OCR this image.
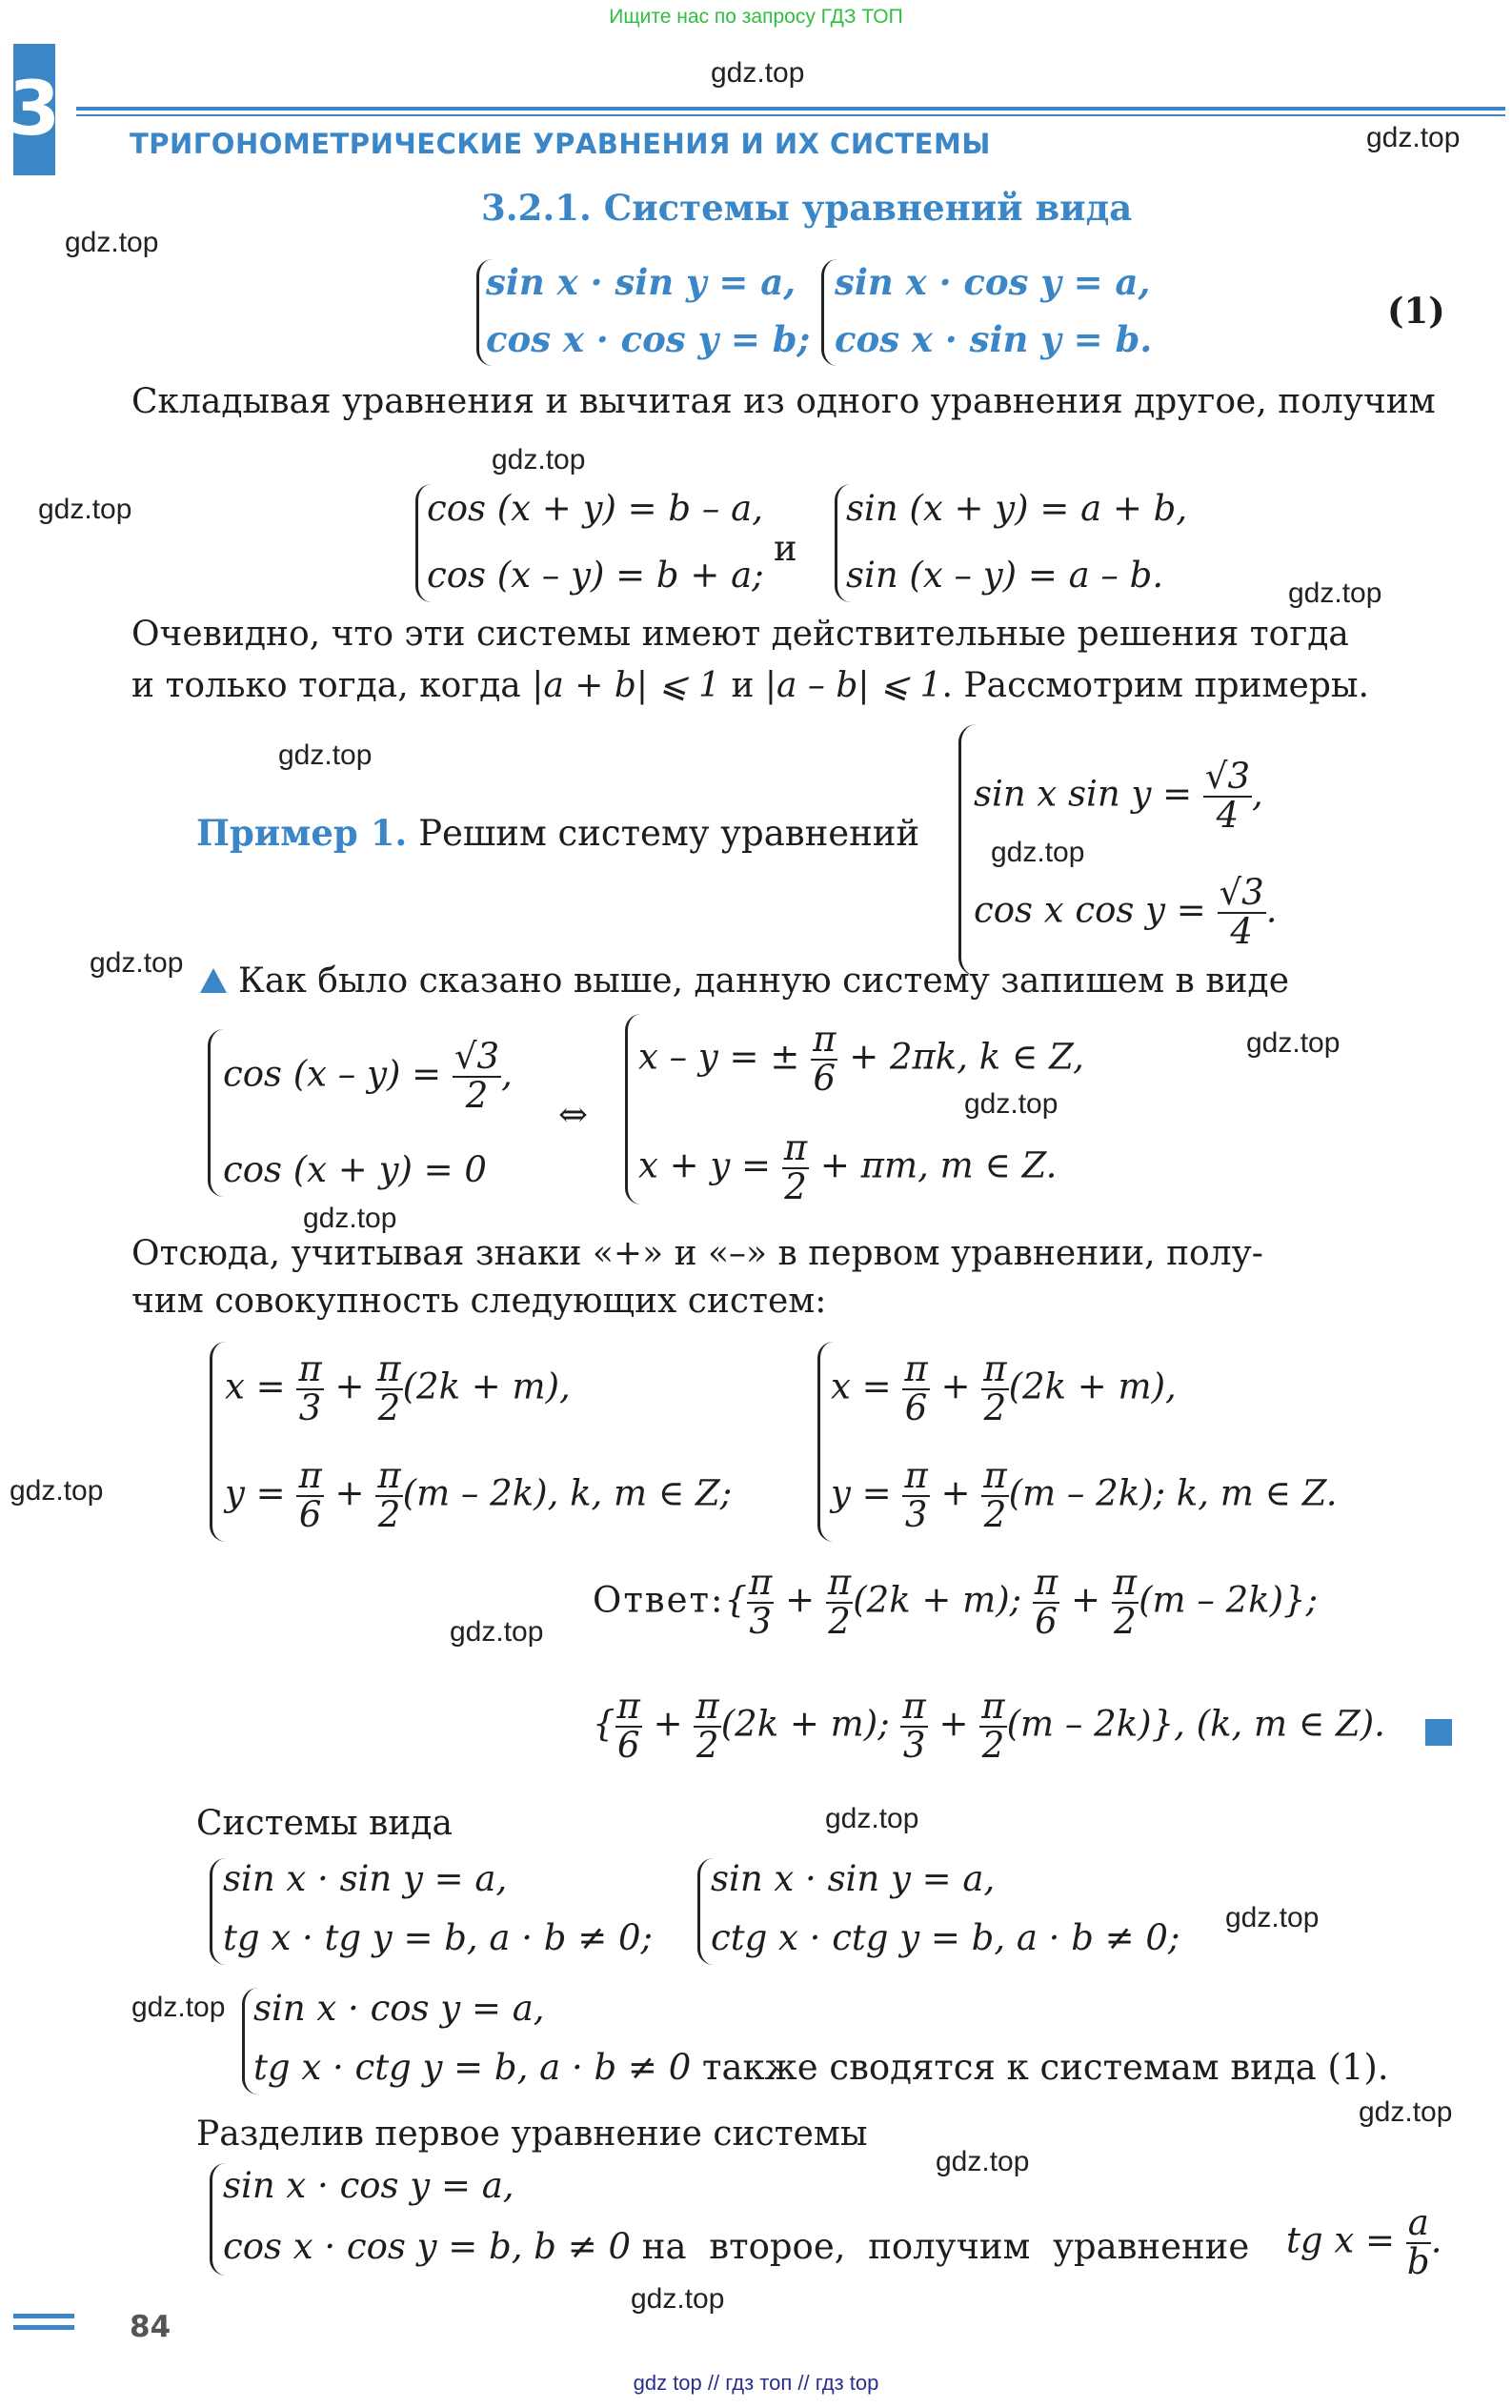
Ищите нас по запросу ГДЗ ТОП
3	ТРИГОНОМЕТРИЧЕСКИЕ УРАВНЕНИЯ И ИХ СИСТЕМЫ
3.2.1. Системы уравнений вида
sin x · sin y = a,
cos x · cos y = b;
sin x · cos y = a,
cos x · sin y = b.
(1)
Складывая уравнения и вычитая из одного уравнения другое, получим
cos (x + y) = b – a,
cos (x – y) = b + a;
и
sin (x + y) = a + b,
sin (x – y) = a – b.
Очевидно, что эти системы имеют действительные решения тогда
и только тогда, когда |a + b| ⩽ 1 и |a – b| ⩽ 1. Рассмотрим примеры.
Пример 1. Решим систему уравнений
sin x $\sin y = \frac{√3}{4}$ ,
cos x $\cos y = \frac{√3}{4}$ .
Как было сказано выше, данную систему запишем в виде
$\cos (x - y) = \frac{√3}{2}$ ,
cos (x + y) = 0
⇔
x – y = ± $\frac{\pi}{6} + 2\pi k$, k ∈ Z,
$x + y = \frac{\pi}{2} + \pi m$, m ∈ Z.
Отсюда, учитывая знаки «+» и «–» в первом уравнении, полу-
чим совокупность следующих систем:
$x = \frac{\pi}{3} + \frac{\pi}{2} (2k + m)$,
$y = \frac{\pi}{6} + \frac{\pi}{2} (m - 2k)$, k, m ∈ Z;
$x = \frac{\pi}{6} + \frac{\pi}{2} (2k + m)$,
$y = \frac{\pi}{3} + \frac{\pi}{2} (m - 2k)$; k, m ∈ Z.
Ответ:{ $\frac{\pi}{3} + \frac{\pi}{2} (2k + m)$; $\frac{\pi}{6} + \frac{\pi}{2} (m - 2k)$};
{ $\frac{\pi}{6} + \frac{\pi}{2} (2k + m)$; $\frac{\pi}{3} + \frac{\pi}{2} (m - 2k)$}, (k, m ∈ Z).
Системы вида
sin x · sin y = a,
tg x · tg y = b, a · b ≠ 0;
sin x · sin y = a,
ctg x · ctg y = b, a · b ≠ 0;
sin x · cos y = a,
tg x · ctg y = b, a · b ≠ 0 также сводятся к системам вида (1).
Разделив первое уравнение системы
sin x · cos y = a,
cos x · cos y = b, b ≠ 0 на второе, получим уравнение tg $x = \frac{a}{b}$ .
84
gdz.top
gdz.top
gdz.top
gdz.top
gdz.top
gdz.top
gdz.top
gdz.top
gdz.top
gdz.top
gdz.top
gdz.top
gdz.top
gdz.top
gdz.top
gdz.top
gdz.top
gdz.top
gdz.top
gdz.top
gdz top // гдз топ // гдз top
